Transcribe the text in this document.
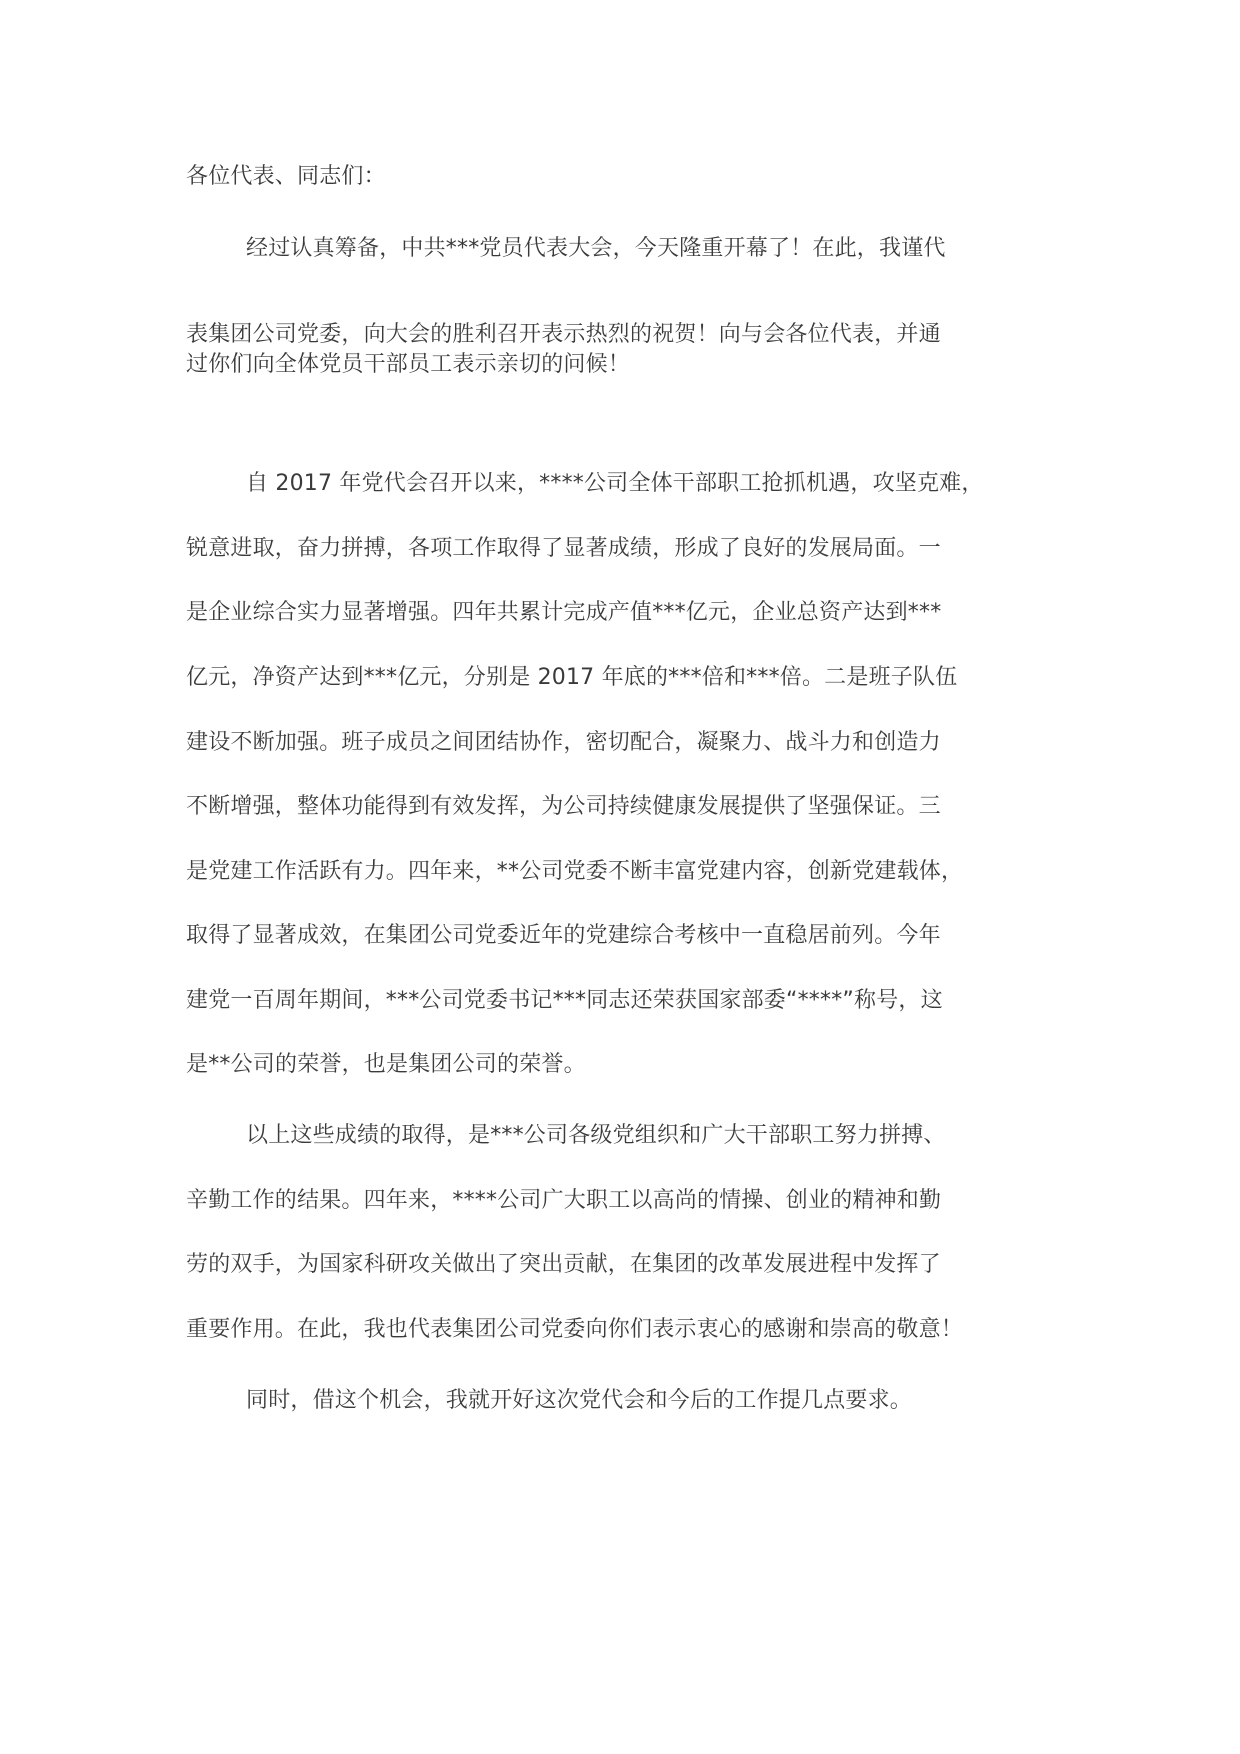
各位代表、同志们：
经过认真筹备，中共***党员代表大会，今天隆重开幕了！在此，我谨代
表集团公司党委，向大会的胜利召开表示热烈的祝贺！向与会各位代表，并通
过你们向全体党员干部员工表示亲切的问候！
自 2017 年党代会召开以来，****公司全体干部职工抢抓机遇，攻坚克难，
锐意进取，奋力拼搏，各项工作取得了显著成绩，形成了良好的发展局面。一
是企业综合实力显著增强。四年共累计完成产值***亿元，企业总资产达到***
亿元，净资产达到***亿元，分别是 2017 年底的***倍和***倍。二是班子队伍
建设不断加强。班子成员之间团结协作，密切配合，凝聚力、战斗力和创造力
不断增强，整体功能得到有效发挥，为公司持续健康发展提供了坚强保证。三
是党建工作活跃有力。四年来，**公司党委不断丰富党建内容，创新党建载体，
取得了显著成效，在集团公司党委近年的党建综合考核中一直稳居前列。今年
建党一百周年期间，***公司党委书记***同志还荣获国家部委“****”称号，这
是**公司的荣誉，也是集团公司的荣誉。
以上这些成绩的取得，是***公司各级党组织和广大干部职工努力拼搏、
辛勤工作的结果。四年来，****公司广大职工以高尚的情操、创业的精神和勤
劳的双手，为国家科研攻关做出了突出贡献，在集团的改革发展进程中发挥了
重要作用。在此，我也代表集团公司党委向你们表示衷心的感谢和崇高的敬意！
同时，借这个机会，我就开好这次党代会和今后的工作提几点要求。
